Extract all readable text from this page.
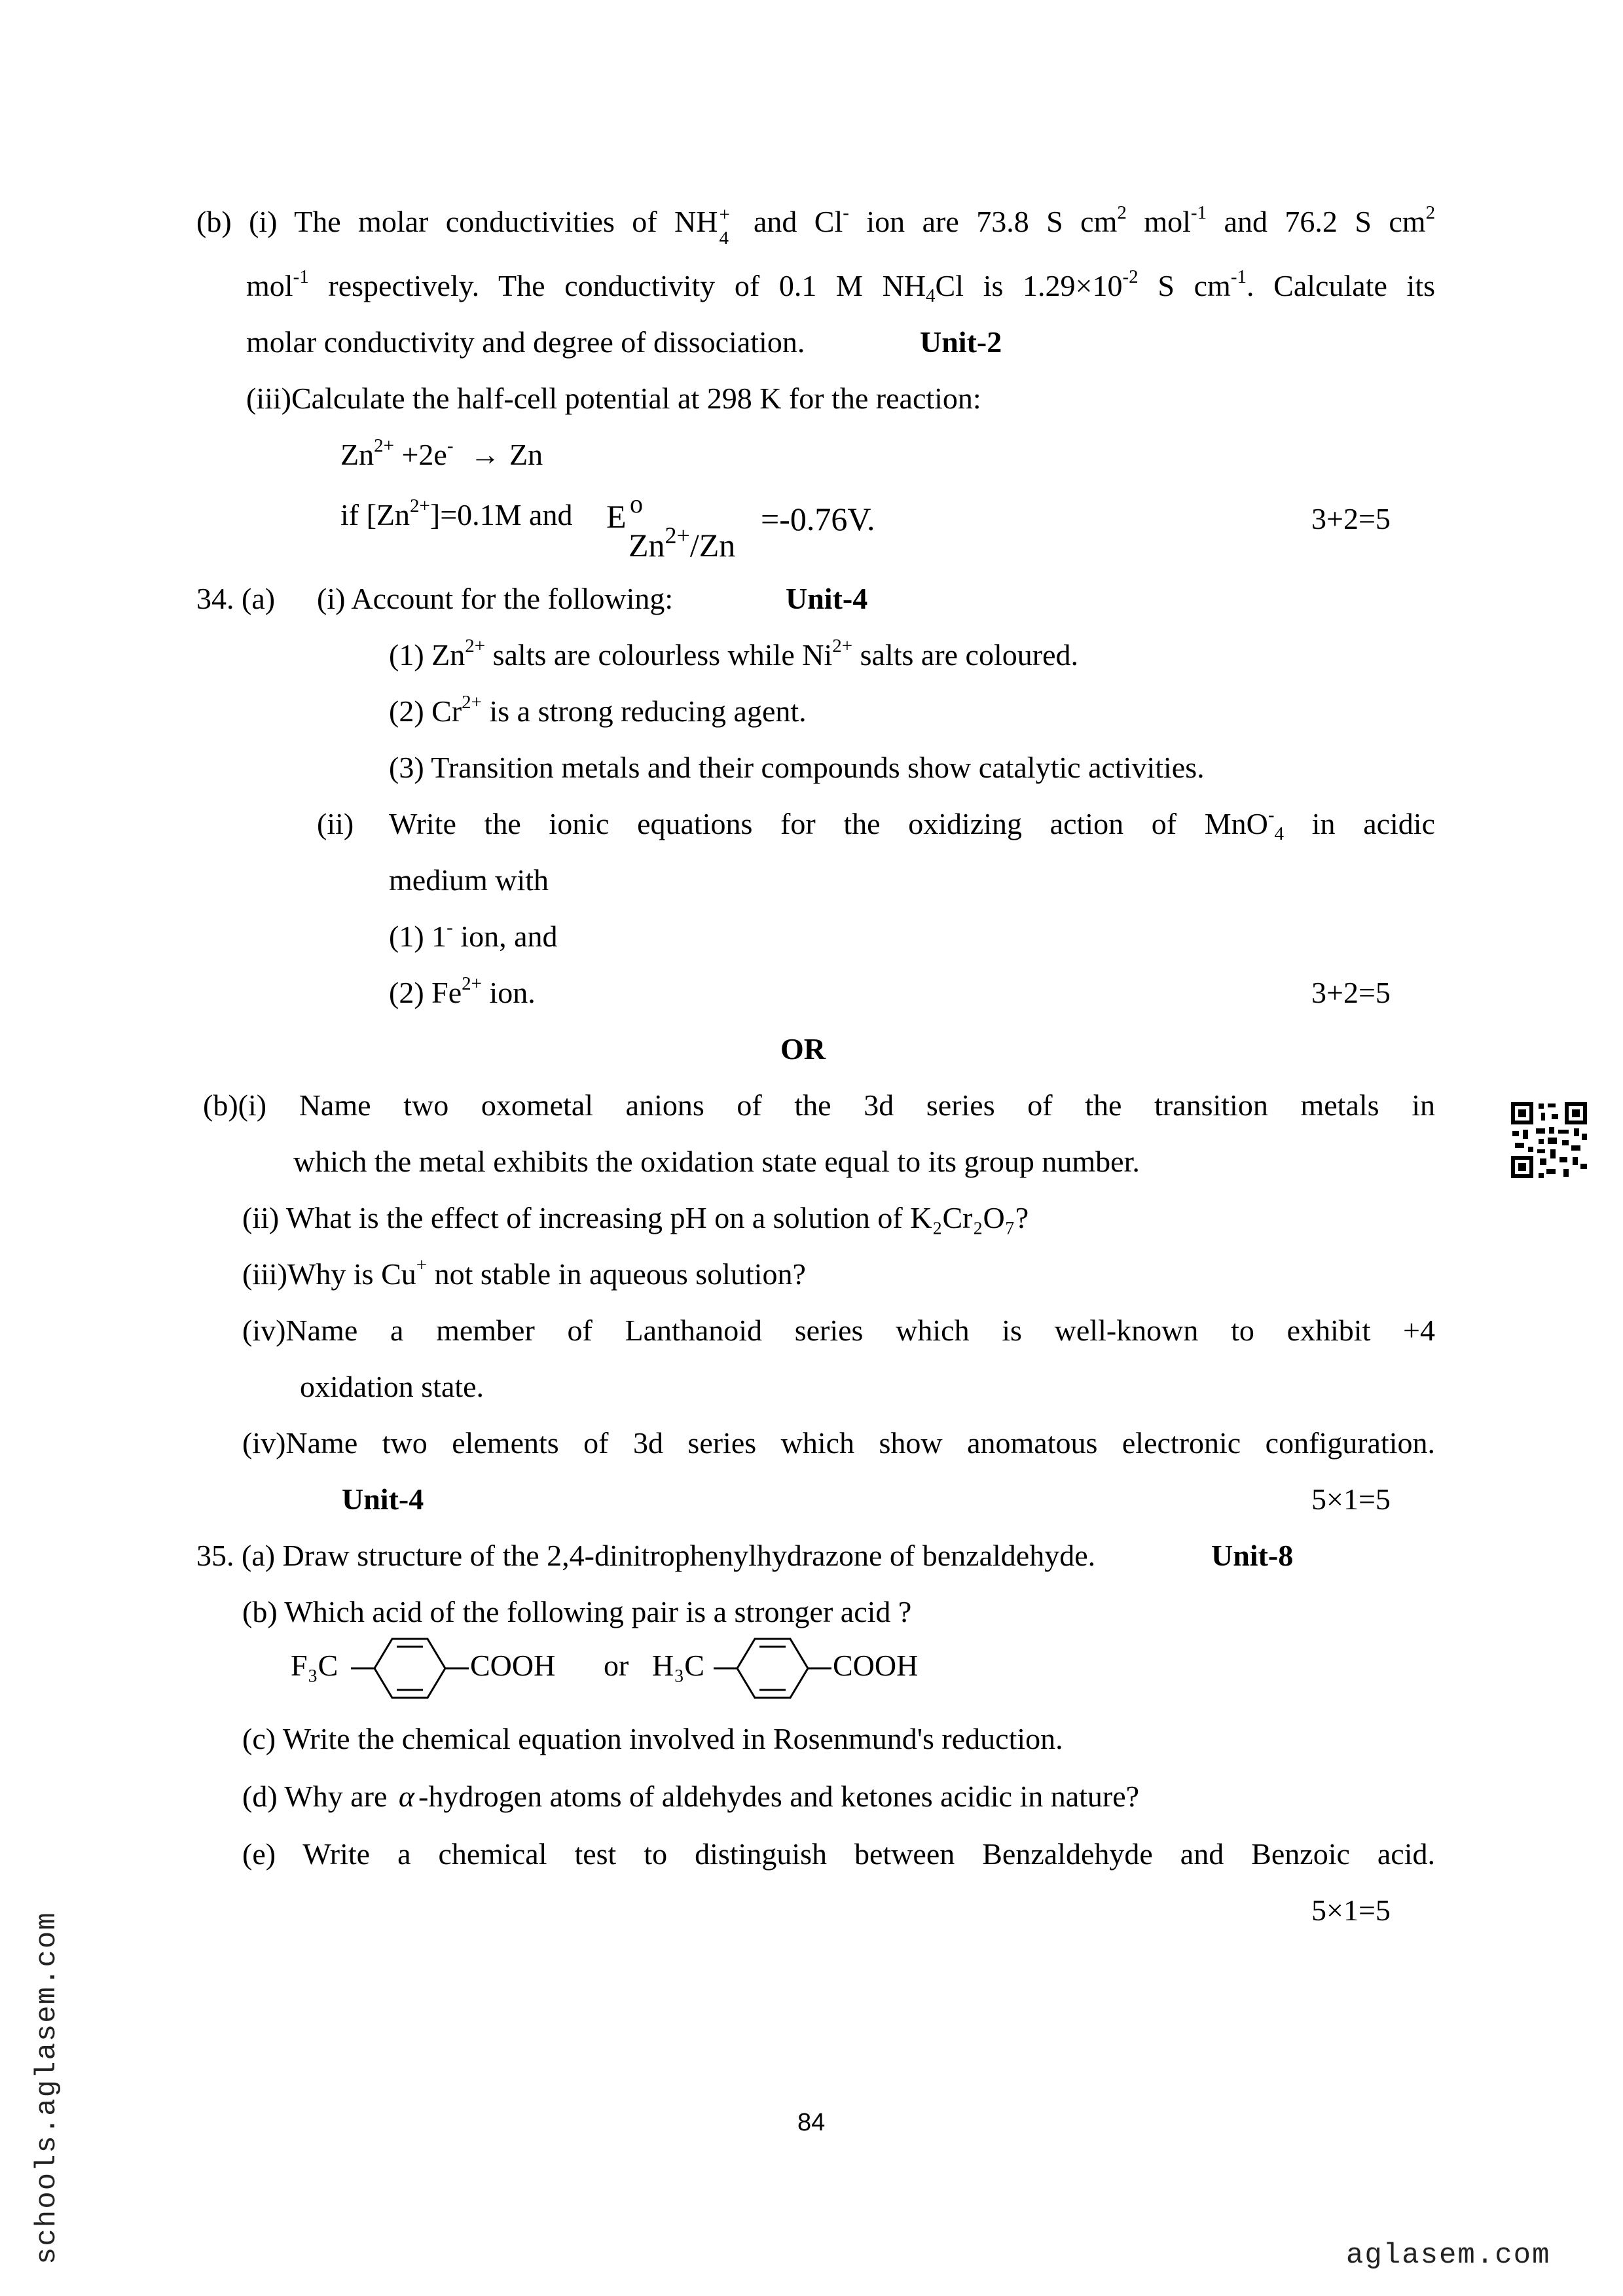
(b) (i) The molar conductivities of NH +
4 and Cl- ion are 73.8 S $cm^2$ mol$^{-1}$ and 76.2 S $cm^2$
mol$^{-1}$ respectively. The conductivity of 0.1 M $NH_4Cl$ is $1.29\times 10^{-2}$ S $cm^{-1}$. Calculate its
molar conductivity and degree of dissociation.	Unit-2
(iii)Calculate the half-cell potential at 298 K for the reaction:
$Zn^{2+} +2e^- \to Zn$
if $[Zn^{2+}]=0.1M$ and E o
$Zn^{2+}/Zn$
=-0.76V.	3+2=5
34. (a) (i) Account for the following:	Unit-4
(1) $Zn^{2+}$ salts are colourless while $Ni^{2+}$ salts are coloured.
(2) $Cr^{2+}$ is a strong reducing agent.
(3) Transition metals and their compounds show catalytic activities.
(ii) Write the ionic equations for the oxidizing action of MnO-$_4$ in acidic
medium with
(1) 1- ion, and
(2) $Fe^{2+}$ ion.	3+2=5
OR
(b)(i) Name two oxometal anions of the 3d series of the transition metals in
which the metal exhibits the oxidation state equal to its group number.
(ii) What is the effect of increasing pH on a solution of K₂Cr₂O₇?
(iii)Why is Cu+ not stable in aqueous solution?
(iv)Name a member of Lanthanoid series which is well-known to exhibit +4
oxidation state.
(iv)Name two elements of 3d series which show anomatous electronic configuration.
Unit-4	5×1=5
35. (a) Draw structure of the 2,4-dinitrophenylhydrazone of benzaldehyde.	Unit-8
(b) Which acid of the following pair is a stronger acid ?
F₃C	COOH or H₃C	COOH
(c) Write the chemical equation involved in Rosenmund's reduction.
(d) Why are α -hydrogen atoms of aldehydes and ketones acidic in nature?
(e) Write a chemical test to distinguish between Benzaldehyde and Benzoic acid.
5×1=5
84
schools.aglasem.com	aglasem.com
